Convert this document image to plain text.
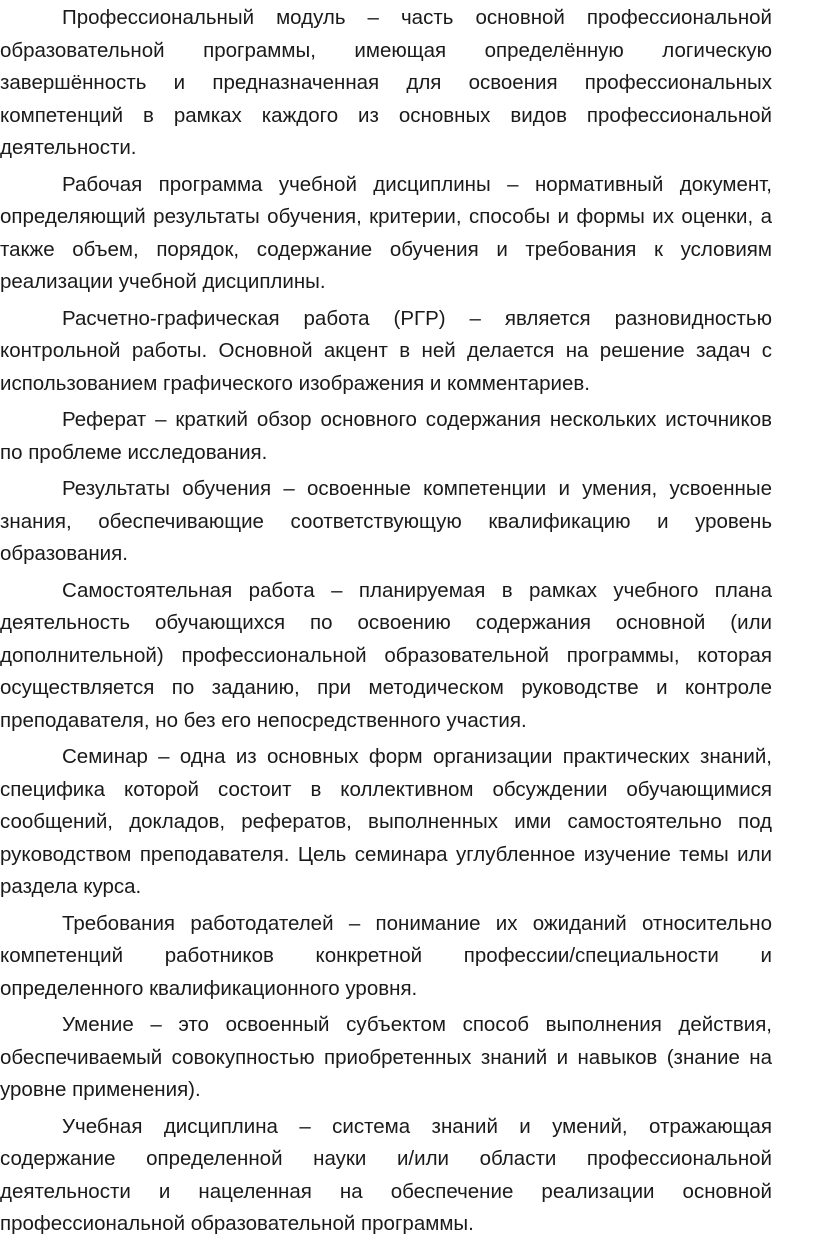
Профессиональный модуль – часть основной профессиональной образовательной программы, имеющая определённую логическую завершённость и предназначенная для освоения профессиональных компетенций в рамках каждого из основных видов профессиональной деятельности.

Рабочая программа учебной дисциплины – нормативный документ, определяющий результаты обучения, критерии, способы и формы их оценки, а также объем, порядок, содержание обучения и требования к условиям реализации учебной дисциплины.

Расчетно-графическая работа (РГР) – является разновидностью контрольной работы. Основной акцент в ней делается на решение задач с использованием графического изображения и комментариев.

Реферат – краткий обзор основного содержания нескольких источников по проблеме исследования.

Результаты обучения – освоенные компетенции и умения, усвоенные знания, обеспечивающие соответствующую квалификацию и уровень образования.

Самостоятельная работа – планируемая в рамках учебного плана деятельность обучающихся по освоению содержания основной (или дополнительной) профессиональной образовательной программы, которая осуществляется по заданию, при методическом руководстве и контроле преподавателя, но без его непосредственного участия.

Семинар – одна из основных форм организации практических знаний, специфика которой состоит в коллективном обсуждении обучающимися сообщений, докладов, рефератов, выполненных ими самостоятельно под руководством преподавателя. Цель семинара углубленное изучение темы или раздела курса.

Требования работодателей – понимание их ожиданий относительно компетенций работников конкретной профессии/специальности и определенного квалификационного уровня.

Умение – это освоенный субъектом способ выполнения действия, обеспечиваемый совокупностью приобретенных знаний и навыков (знание на уровне применения).

Учебная дисциплина – система знаний и умений, отражающая содержание определенной науки и/или области профессиональной деятельности и нацеленная на обеспечение реализации основной профессиональной образовательной программы.
